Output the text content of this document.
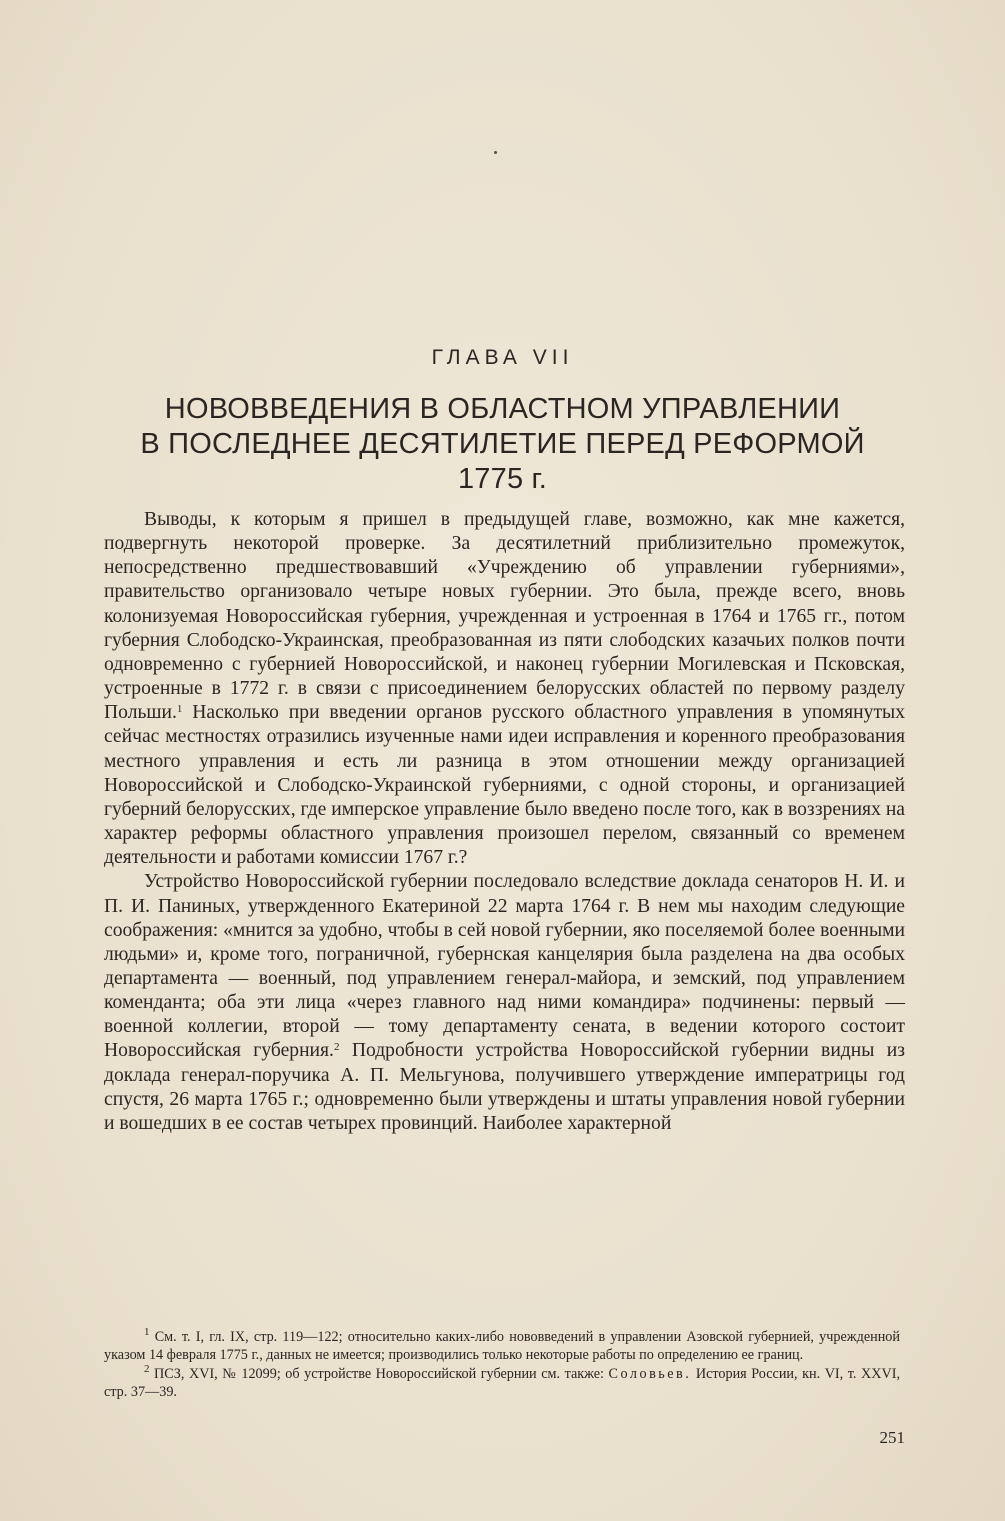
ГЛАВА VII
НОВОВВЕДЕНИЯ В ОБЛАСТНОМ УПРАВЛЕНИИ
В ПОСЛЕДНЕЕ ДЕСЯТИЛЕТИЕ ПЕРЕД РЕФОРМОЙ
1775 г.

Выводы, к которым я пришел в предыдущей главе, возможно, как мне кажется, подвергнуть некоторой проверке. За десятилетний приблизительно промежуток, непосредственно предшествовавший «Учреждению об управлении губерниями», правительство организовало четыре новых губернии. Это была, прежде всего, вновь колонизуемая Новороссийская губерния, учрежденная и устроенная в 1764 и 1765 гг., потом губерния Слободско-Украинская, преобразованная из пяти слободских казачьих полков почти одновременно с губернией Новороссийской, и наконец губернии Могилевская и Псковская, устроенные в 1772 г. в связи с присоединением белорусских областей по первому разделу Польши.$^1$ Насколько при введении органов русского областного управления в упомянутых сейчас местностях отразились изученные нами идеи исправления и коренного преобразования местного управления и есть ли разница в этом отношении между организацией Новороссийской и Слободско-Украинской губерниями, с одной стороны, и организацией губерний белорусских, где имперское управление было введено после того, как в воззрениях на характер реформы областного управления произошел перелом, связанный со временем деятельности и работами комиссии 1767 г.?

Устройство Новороссийской губернии последовало вследствие доклада сенаторов Н. И. и П. И. Паниных, утвержденного Екатериной 22 марта 1764 г. В нем мы находим следующие соображения: «мнится за удобно, чтобы в сей новой губернии, яко поселяемой более военными людьми» и, кроме того, пограничной, губернская канцелярия была разделена на два особых департамента — военный, под управлением генерал-майора, и земский, под управлением коменданта; оба эти лица «через главного над ними командира» подчинены: первый — военной коллегии, второй — тому департаменту сената, в ведении которого состоит Новороссийская губерния.$^2$ Подробности устройства Новороссийской губернии видны из доклада генерал-поручика А. П. Мельгунова, получившего утверждение императрицы год спустя, 26 марта 1765 г.; одновременно были утверждены и штаты управления новой губернии и вошедших в ее состав четырех провинций. Наиболее характерной

$^1$ См. т. I, гл. IX, стр. 119—122; относительно каких-либо нововведений в управлении Азовской губернией, учрежденной указом 14 февраля 1775 г., данных не имеется; производились только некоторые работы по определению ее границ.

$^2$ ПСЗ, XVI, № 12099; об устройстве Новороссийской губернии см. также: Соловьев. История России, кн. VI, т. XXVI, стр. 37—39.

251
